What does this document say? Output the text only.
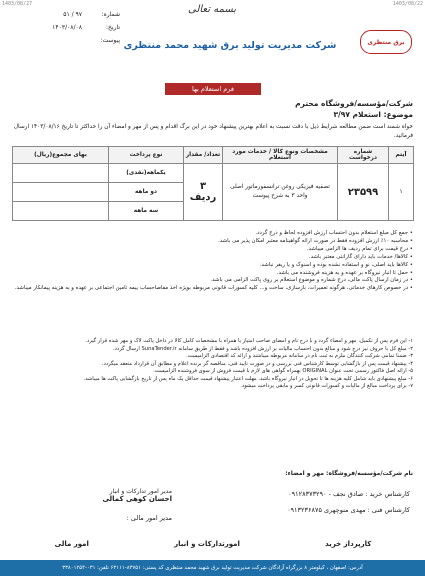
1403/08/27	1403/08/22
بسمه تعالی
شماره:
۹۷ / ۵۱
تاریخ:
۱۴۰۳/۰۸/۰۸
پیوست:	برق منتظری
شرکت مدیریت تولید برق شهید محمد منتظری
فرم استعلام بها
شرکت/مؤسسه/فروشگاه محترم
موضوع: استعلام ۳/۹۷
خواه شمند است ضمن مطالعه شرایط ذیل با دقت نسبت به اعلام بهترین پیشنهاد خود در این برگ اقدام و پس از مهر و امضاء آن را حداکثر تا تاریخ ۱۴۰۳/۰۸/۱۶ ارسال فرمائید.
آیتم	شماره درخواست	مشخصات ونوع کالا / خدمات مورد استعلام	تعداد/ مقدار	نوع پرداخت	بهای مجموع(ریال)
۱	۲۳۵۹۹	تصفیه فیزیکی روغن ترانسفورماتور اصلی واحد ۳ به شرح پیوست	۳ ردیف	یکماهه(نقدی)	
				دو ماهه	
				سه ماهه	
• جمع کل مبلغ استعلام بدون احتساب ارزش افزوده لحاظ و درج گردد.
• محاسبه ۱۰٪ ارزش افزوده فقط در صورت ارائه گواهینامه معتبر امکان پذیر می باشد.
• درج قیمت برای تمام ردیف ها الزامی میباشد.
• کالاها/ خدمات باید دارای گارانتی معتبر باشد.
• کالاها باید اصلی، نو و استفاده نشده بوده و اسنوک و یا ریفر نباشد.
• حمل تا انبار نیروگاه بر عهده و به هزینه فروشنده می باشد.
• در زمان ارسال پاکت مالی، درج شماره و موضوع استعلام بر روی پاکت الزامی می باشد.
• در خصوص کارهای خدماتی، هرگونه تعمیرات، بازسازی، ساخت و... کلیه کسورات قانونی مربوطه بویژه اخذ مفاصاحساب بیمه تامین اجتماعی بر عهده و به هزینه پیمانکار میباشد.
۱- این فرم پس از تکمیل، مهر و امضاء گردد و با درج نام و امضای صاحب امتیاز یا همراه با مشخصات کامل کالا در داخل پاکت لاک و مهر شده قرار گیرد.
۲- مبلغ کل با حروف نیز درج شود و مبالغ بدون احتساب مالیات بر ارزش افزوده باشد و فقط از طریق سامانه SunaTender.ir ارسال گردد.
۳- ضمنا تمامی شرکت کنندگان ملزم به ثبت نام در سامانه مربوطه میباشند و ارائه کد اقتصادی الزامیست.
۴- پیشنهاد قیمت پس از بازگشایی توسط کارشناس فنی بررسی و در صورت تایید فنی، مناقصه گر برنده اعلام و مطابق آن قرارداد منعقد میگردد.
۵- ارائه اصل فاکتور رسمی تحت عنوان ORIGINAL بهمراه گواهی های لازم با قیمت فروش از سوی فروشنده الزامیست.
۶- مبلغ پیشنهادی باید شامل کلیه هزینه ها تا تحویل در انبار نیروگاه باشد. مهلت اعتبار پیشنهاد قیمت حداقل یک ماه پس از تاریخ بازگشایی پاکت ها میباشد.
۷- برای پرداخت مبالغ از مالیات و کسورات قانونی کسر و مابقی پرداخت میشود.
نام شرکت/مؤسسه/فروشگاه: مهر و امضاء:
کارشناس خرید : صادق نجف - ۰۹۱۲۸۳۷۳۲۹۰
کارشناس فنی : مهدی منوچهری ۰۹۱۳۲۳۶۸۷۵
مدیر امور تدارکات و انبار
احسان کوهی کمالی
مدیر امور مالی :
کارپرداز خرید
امورتدارکات و انبار
امور مالی
آدرس: اصفهان ، کیلومتر ۸ بزرگراه آزادگان شرکت مدیریت تولید برق شهید محمد منتظری کد پستی: ۸۳۷۵۱-۶۳۱۱۱ تلفن: ۰۳۱-۳۳۸۰۱۲۵۴
